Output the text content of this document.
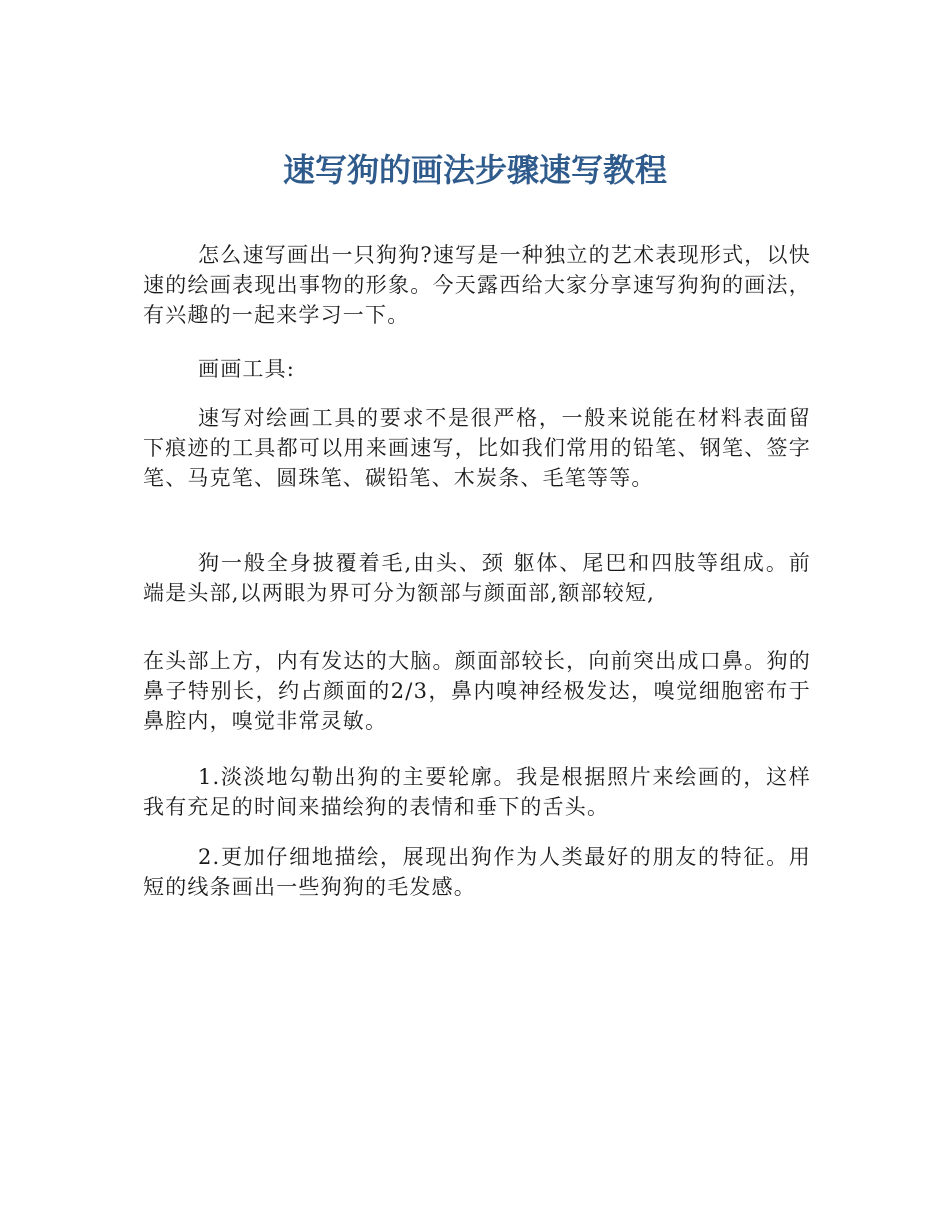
速写狗的画法步骤速写教程

怎么速写画出一只狗狗?速写是一种独立的艺术表现形式，以快速的绘画表现出事物的形象。今天露西给大家分享速写狗狗的画法，有兴趣的一起来学习一下。

画画工具:

速写对绘画工具的要求不是很严格，一般来说能在材料表面留下痕迹的工具都可以用来画速写，比如我们常用的铅笔、钢笔、签字笔、马克笔、圆珠笔、碳铅笔、木炭条、毛笔等等。

狗一般全身披覆着毛,由头、颈 躯体、尾巴和四肢等组成。前端是头部,以两眼为界可分为额部与颜面部,额部较短,

在头部上方，内有发达的大脑。颜面部较长，向前突出成口鼻。狗的鼻子特别长，约占颜面的2/3，鼻内嗅神经极发达，嗅觉细胞密布于鼻腔内，嗅觉非常灵敏。

1.淡淡地勾勒出狗的主要轮廓。我是根据照片来绘画的，这样我有充足的时间来描绘狗的表情和垂下的舌头。

2.更加仔细地描绘，展现出狗作为人类最好的朋友的特征。用短的线条画出一些狗狗的毛发感。
